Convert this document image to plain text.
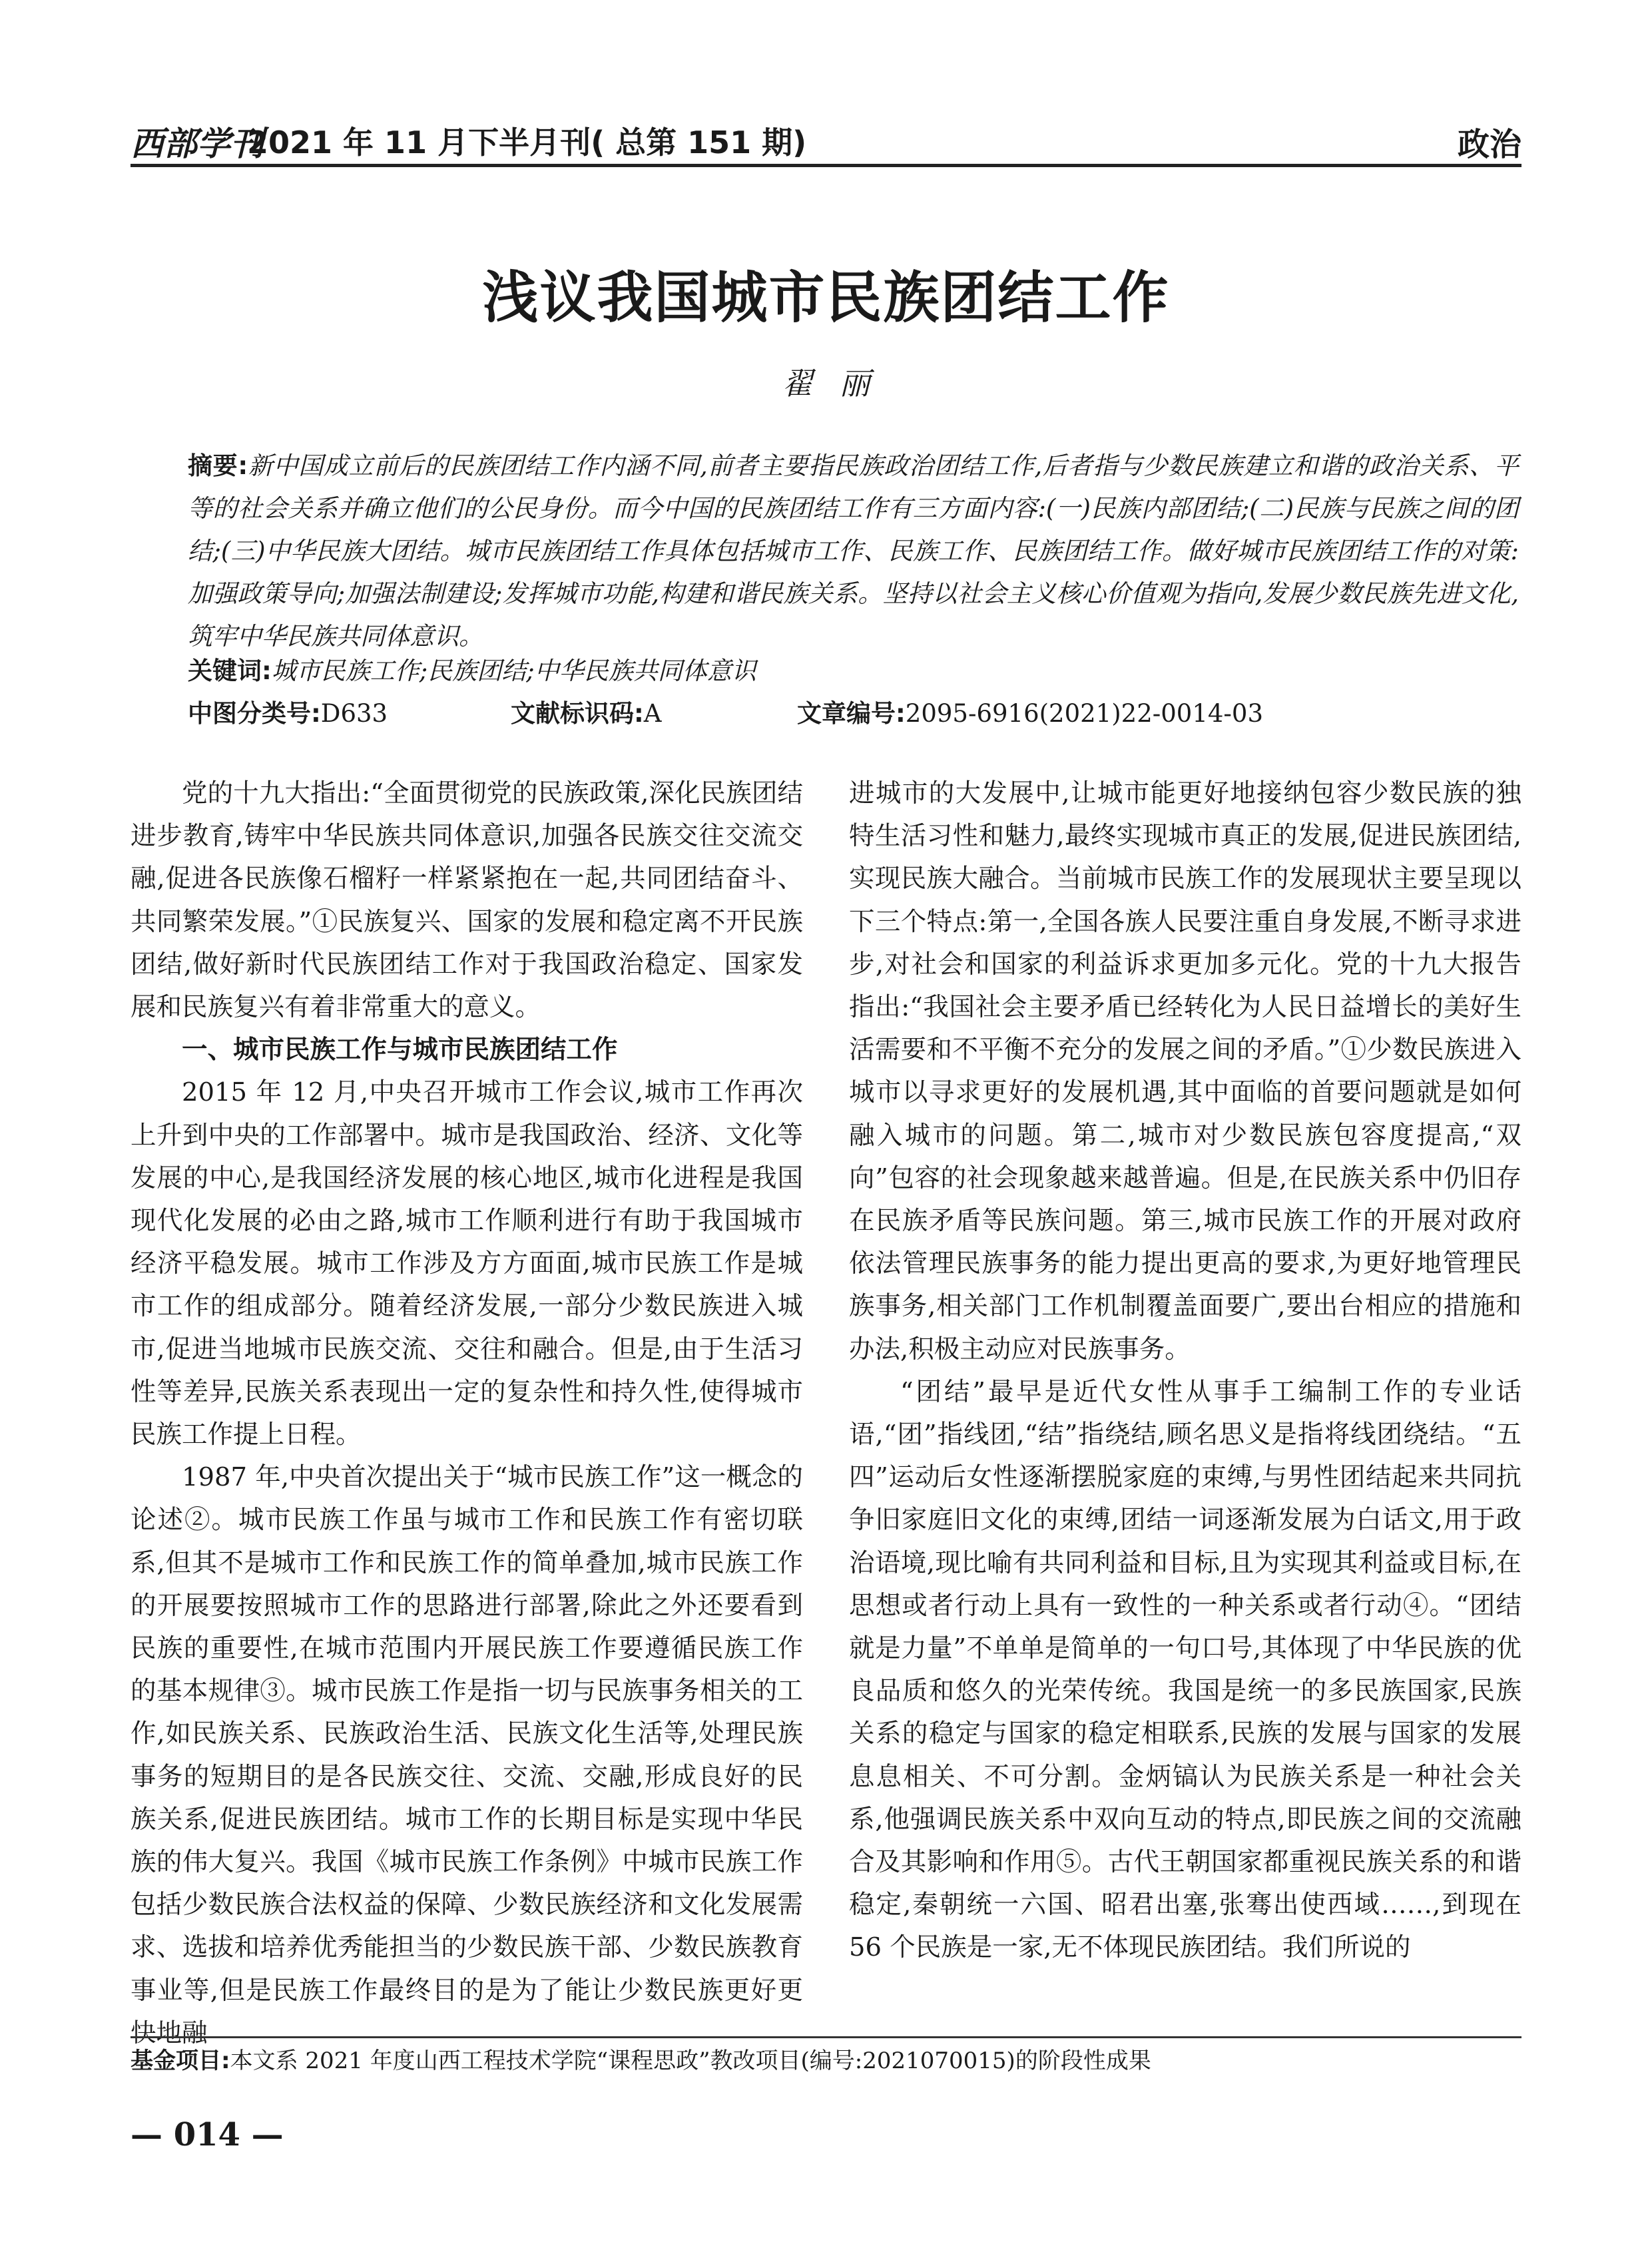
西部学刊
2021 年 11 月下半月刊( 总第 151 期)	政治
浅议我国城市民族团结工作
翟丽
摘要:新中国成立前后的民族团结工作内涵不同,前者主要指民族政治团结工作,后者指与少数民族建立和谐的政治关系、平等的社会关系并确立他们的公民身份。而今中国的民族团结工作有三方面内容:(一)民族内部团结;(二)民族与民族之间的团结;(三)中华民族大团结。城市民族团结工作具体包括城市工作、民族工作、民族团结工作。做好城市民族团结工作的对策:加强政策导向;加强法制建设;发挥城市功能,构建和谐民族关系。坚持以社会主义核心价值观为指向,发展少数民族先进文化,筑牢中华民族共同体意识。
关键词:城市民族工作;民族团结;中华民族共同体意识
中图分类号:D633	文献标识码:A	文章编号:2095-6916(2021)22-0014-03

党的十九大指出:“全面贯彻党的民族政策,深化民族团结进步教育,铸牢中华民族共同体意识,加强各民族交往交流交融,促进各民族像石榴籽一样紧紧抱在一起,共同团结奋斗、共同繁荣发展。”①民族复兴、国家的发展和稳定离不开民族团结,做好新时代民族团结工作对于我国政治稳定、国家发展和民族复兴有着非常重大的意义。

一、城市民族工作与城市民族团结工作

2015 年 12 月,中央召开城市工作会议,城市工作再次上升到中央的工作部署中。城市是我国政治、经济、文化等发展的中心,是我国经济发展的核心地区,城市化进程是我国现代化发展的必由之路,城市工作顺利进行有助于我国城市经济平稳发展。城市工作涉及方方面面,城市民族工作是城市工作的组成部分。随着经济发展,一部分少数民族进入城市,促进当地城市民族交流、交往和融合。但是,由于生活习性等差异,民族关系表现出一定的复杂性和持久性,使得城市民族工作提上日程。

1987 年,中央首次提出关于“城市民族工作”这一概念的论述②。城市民族工作虽与城市工作和民族工作有密切联系,但其不是城市工作和民族工作的简单叠加,城市民族工作的开展要按照城市工作的思路进行部署,除此之外还要看到民族的重要性,在城市范围内开展民族工作要遵循民族工作的基本规律③。城市民族工作是指一切与民族事务相关的工作,如民族关系、民族政治生活、民族文化生活等,处理民族事务的短期目的是各民族交往、交流、交融,形成良好的民族关系,促进民族团结。城市工作的长期目标是实现中华民族的伟大复兴。我国《城市民族工作条例》中城市民族工作包括少数民族合法权益的保障、少数民族经济和文化发展需求、选拔和培养优秀能担当的少数民族干部、少数民族教育事业等,但是民族工作最终目的是为了能让少数民族更好更快地融

进城市的大发展中,让城市能更好地接纳包容少数民族的独特生活习性和魅力,最终实现城市真正的发展,促进民族团结,实现民族大融合。当前城市民族工作的发展现状主要呈现以下三个特点:第一,全国各族人民要注重自身发展,不断寻求进步,对社会和国家的利益诉求更加多元化。党的十九大报告指出:“我国社会主要矛盾已经转化为人民日益增长的美好生活需要和不平衡不充分的发展之间的矛盾。”①少数民族进入城市以寻求更好的发展机遇,其中面临的首要问题就是如何融入城市的问题。第二,城市对少数民族包容度提高,“双向”包容的社会现象越来越普遍。但是,在民族关系中仍旧存在民族矛盾等民族问题。第三,城市民族工作的开展对政府依法管理民族事务的能力提出更高的要求,为更好地管理民族事务,相关部门工作机制覆盖面要广,要出台相应的措施和办法,积极主动应对民族事务。

“团结”最早是近代女性从事手工编制工作的专业话语,“团”指线团,“结”指绕结,顾名思义是指将线团绕结。“五四”运动后女性逐渐摆脱家庭的束缚,与男性团结起来共同抗争旧家庭旧文化的束缚,团结一词逐渐发展为白话文,用于政治语境,现比喻有共同利益和目标,且为实现其利益或目标,在思想或者行动上具有一致性的一种关系或者行动④。“团结就是力量”不单单是简单的一句口号,其体现了中华民族的优良品质和悠久的光荣传统。我国是统一的多民族国家,民族关系的稳定与国家的稳定相联系,民族的发展与国家的发展息息相关、不可分割。金炳镐认为民族关系是一种社会关系,他强调民族关系中双向互动的特点,即民族之间的交流融合及其影响和作用⑤。古代王朝国家都重视民族关系的和谐稳定,秦朝统一六国、昭君出塞,张骞出使西域……,到现在 56 个民族是一家,无不体现民族团结。我们所说的

基金项目:本文系 2021 年度山西工程技术学院“课程思政”教改项目(编号:2021070015)的阶段性成果
— 014 —
